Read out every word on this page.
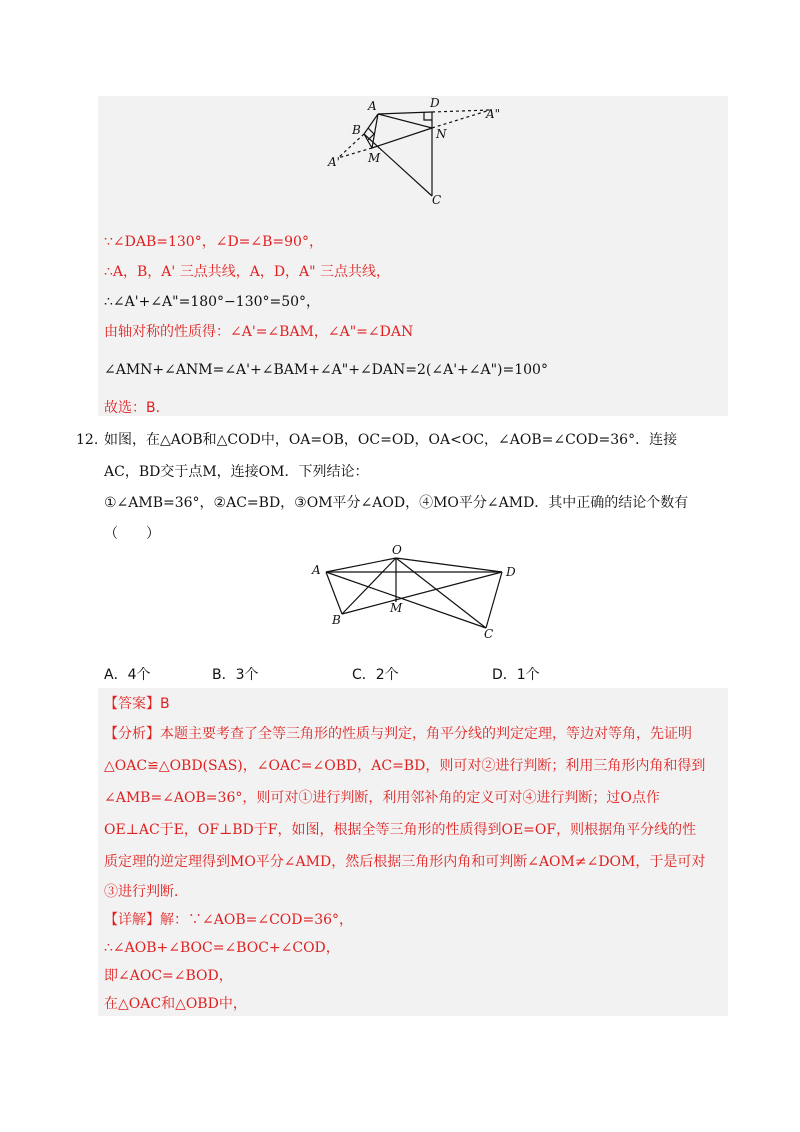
A	D
A"
B	N
A' M
C
∵∠DAB=130°，∠D=∠B=90°，
∴A，B，A' 三点共线，A，D，A" 三点共线，
∴∠A'+∠A"=180°−130°=50°，
由轴对称的性质得：∠A'=∠BAM，∠A"=∠DAN
∠AMN+∠ANM=∠A'+∠BAM+∠A"+∠DAN=2(∠A'+∠A")=100°
故选：B.
12. 如图，在△AOB和△COD中，OA=OB，OC=OD，OA<OC，∠AOB=∠COD=36°．连接
AC，BD交于点M，连接OM．下列结论：
①∠AMB=36°，②AC=BD，③OM平分∠AOD，④MO平分∠AMD．其中正确的结论个数有
（　　）
O
A	D
M
B
C
A．4个	B．3个	C．2个	D．1个
【答案】B
【分析】本题主要考查了全等三角形的性质与判定，角平分线的判定定理，等边对等角，先证明
△OAC≌△OBD(SAS)，∠OAC=∠OBD，AC=BD，则可对②进行判断；利用三角形内角和得到
∠AMB=∠AOB=36°，则可对①进行判断，利用邻补角的定义可对④进行判断；过O点作
OE⊥AC于E，OF⊥BD于F，如图，根据全等三角形的性质得到OE=OF，则根据角平分线的性
质定理的逆定理得到MO平分∠AMD，然后根据三角形内角和可判断∠AOM≠∠DOM，于是可对
③进行判断．
【详解】解：∵∠AOB=∠COD=36°，
∴∠AOB+∠BOC=∠BOC+∠COD，
即∠AOC=∠BOD，
在△OAC和△OBD中，
